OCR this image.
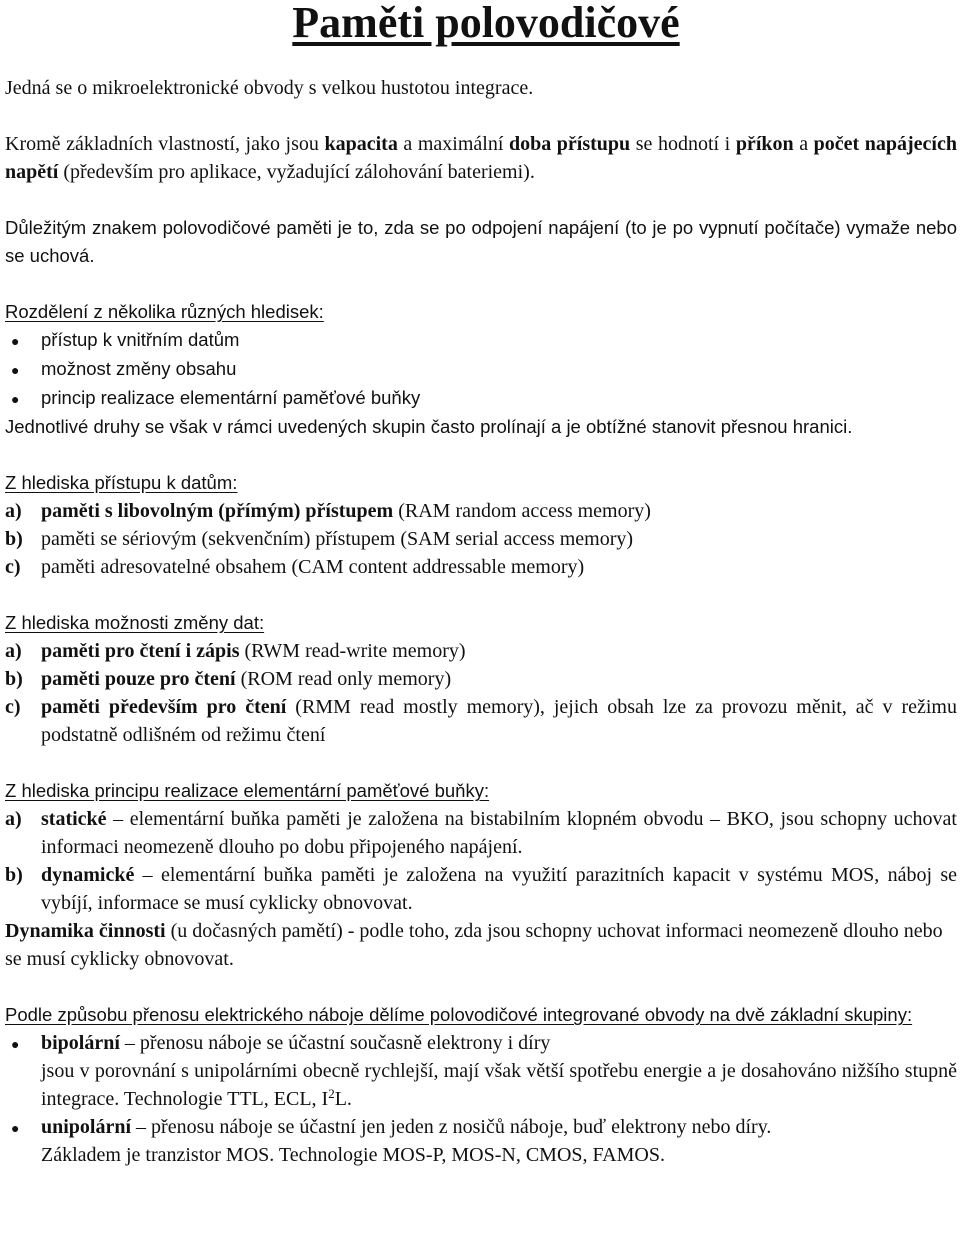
Paměti polovodičové

Jedná se o mikroelektronické obvody s velkou hustotou integrace.

Kromě základních vlastností, jako jsou kapacita a maximální doba přístupu se hodnotí i příkon a počet napájecích napětí (především pro aplikace, vyžadující zálohování bateriemi).

Důležitým znakem polovodičové paměti je to, zda se po odpojení napájení (to je po vypnutí počítače) vymaže nebo se uchová.

Rozdělení z několika různých hledisek:

●	přístup k vnitřním datům
●	možnost změny obsahu
●	princip realizace elementární paměťové buňky

Jednotlivé druhy se však v rámci uvedených skupin často prolínají a je obtížné stanovit přesnou hranici.

Z hlediska přístupu k datům:

a) paměti s libovolným (přímým) přístupem (RAM random access memory)
b) paměti se sériovým (sekvenčním) přístupem (SAM serial access memory)
c)	paměti adresovatelné obsahem (CAM content addressable memory)

Z hlediska možnosti změny dat:

a) paměti pro čtení i zápis (RWM read-write memory)
b) paměti pouze pro čtení (ROM read only memory)
c)	paměti především pro čtení (RMM read mostly memory), jejich obsah lze za provozu měnit, ač v režimu podstatně odlišném od režimu čtení

Z hlediska principu realizace elementární paměťové buňky:

a) statické – elementární buňka paměti je založena na bistabilním klopném obvodu – BKO, jsou schopny uchovat informaci neomezeně dlouho po dobu připojeného napájení.
b) dynamické – elementární buňka paměti je založena na využití parazitních kapacit v systému MOS, náboj se vybíjí, informace se musí cyklicky obnovovat.

Dynamika činnosti (u dočasných pamětí) - podle toho, zda jsou schopny uchovat informaci neomezeně dlouho nebo se musí cyklicky obnovovat.

Podle způsobu přenosu elektrického náboje dělíme polovodičové integrované obvody na dvě základní skupiny:

●	bipolární – přenosu náboje se účastní současně elektrony i díry
jsou v porovnání s unipolárními obecně rychlejší, mají však větší spotřebu energie a je dosahováno nižšího stupně integrace. Technologie TTL, ECL, $I^2L$.
●	unipolární – přenosu náboje se účastní jen jeden z nosičů náboje, buď elektrony nebo díry.
Základem je tranzistor MOS. Technologie MOS-P, MOS-N, CMOS, FAMOS.
